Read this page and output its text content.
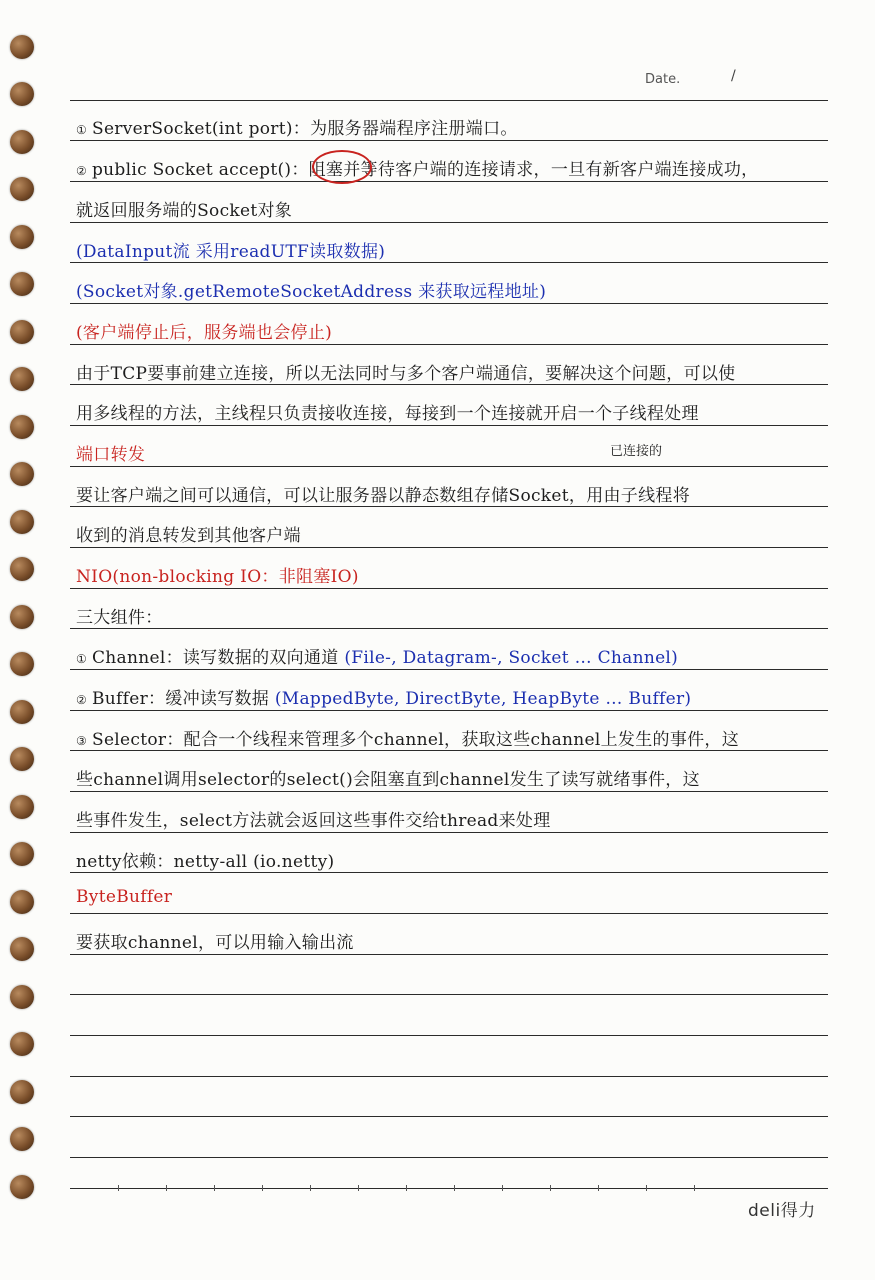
Date.	/
① ServerSocket(int port)：为服务器端程序注册端口。
② public Socket accept()：阻塞并等待客户端的连接请求，一旦有新客户端连接成功，
就返回服务端的Socket对象
(DataInput流 采用readUTF读取数据)
(Socket对象.getRemoteSocketAddress 来获取远程地址)
(客户端停止后，服务端也会停止)
由于TCP要事前建立连接，所以无法同时与多个客户端通信，要解决这个问题，可以使
用多线程的方法，主线程只负责接收连接，每接到一个连接就开启一个子线程处理
端口转发	已连接的
要让客户端之间可以通信，可以让服务器以静态数组存储Socket，用由子线程将
收到的消息转发到其他客户端
NIO(non-blocking IO：非阻塞IO)
三大组件：
① Channel：读写数据的双向通道 (File-, Datagram-, Socket … Channel)
② Buffer：缓冲读写数据 (MappedByte, DirectByte, HeapByte … Buffer)
③ Selector：配合一个线程来管理多个channel，获取这些channel上发生的事件，这
些channel调用selector的select()会阻塞直到channel发生了读写就绪事件，这
些事件发生，select方法就会返回这些事件交给thread来处理
netty依赖：netty-all (io.netty)
ByteBuffer
要获取channel，可以用输入输出流
deli得力
